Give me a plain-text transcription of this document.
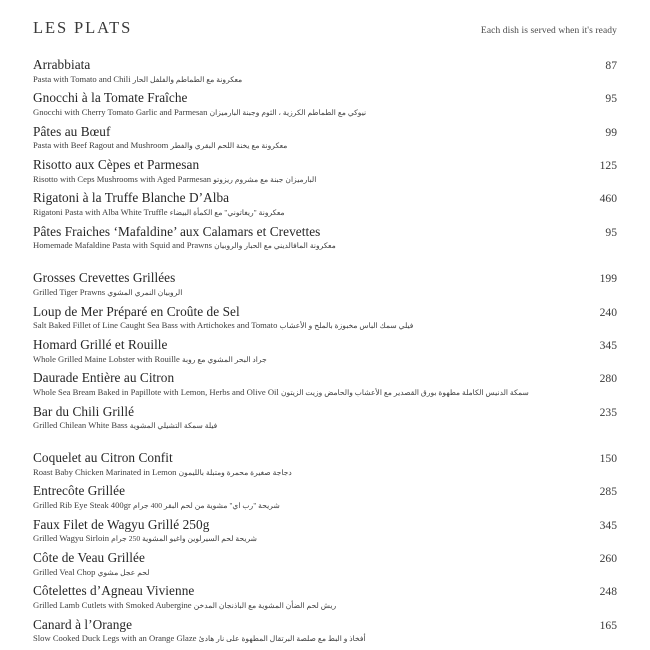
LES PLATS	Each dish is served when it's ready
Arrabbiata	87
Pasta with Tomato and Chili معكرونة مع الطماطم والفلفل الحار
Gnocchi à la Tomate Fraîche	95
Gnocchi with Cherry Tomato Garlic and Parmesan نيوكي مع الطماطم الكرزية ، الثوم وجبنة البارميزان
Pâtes au Bœuf	99
Pasta with Beef Ragout and Mushroom معكرونة مع يخنة اللحم البقري والفطر
Risotto aux Cèpes et Parmesan	125
Risotto with Ceps Mushrooms with Aged Parmesan البارميزان جبنة مع مشروم ريزوتو
Rigatoni à la Truffe Blanche D’Alba	460
Rigatoni Pasta with Alba White Truffle معكرونة "ريغاتوني" مع الكمأة البيضاء
Pâtes Fraiches ‘Mafaldine’ aux Calamars et Crevettes	95
Homemade Mafaldine Pasta with Squid and Prawns معكرونة المافالديني مع الحبار والروبيان
Grosses Crevettes Grillées	199
Grilled Tiger Prawns الروبيان النمري المشوي
Loup de Mer Préparé en Croûte de Sel	240
Salt Baked Fillet of Line Caught Sea Bass with Artichokes and Tomato فيلي سمك الباس مخبوزة بالملح و الأعشاب
Homard Grillé et Rouille	345
Whole Grilled Maine Lobster with Rouille جراد البحر المشوي مع روبة
Daurade Entière au Citron	280
Whole Sea Bream Baked in Papillote with Lemon, Herbs and Olive Oil سمكة الدنيس الكاملة مطهوة بورق القصدير مع الأعشاب والحامض وزيت الزيتون
Bar du Chili Grillé	235
Grilled Chilean White Bass فيلة سمكة التشيلي المشوية
Coquelet au Citron Confit	150
Roast Baby Chicken Marinated in Lemon دجاجة صغيرة محمرة ومتبلة بالليمون
Entrecôte Grillée	285
Grilled Rib Eye Steak 400gr شريحة "رب اي" مشوية من لحم البقر 400 جرام
Faux Filet de Wagyu Grillé 250g	345
Grilled Wagyu Sirloin شريحة لحم السيرلوين واغيو المشوية 250 جرام
Côte de Veau Grillée	260
Grilled Veal Chop لحم عجل مشوي
Côtelettes d’Agneau Vivienne	248
Grilled Lamb Cutlets with Smoked Aubergine ريش لحم الضأن المشوية مع الباذنجان المدخن
Canard à l’Orange	165
Slow Cooked Duck Legs with an Orange Glaze أفخاذ و البط مع صلصة البرتقال المطهوة على نار هادئ
